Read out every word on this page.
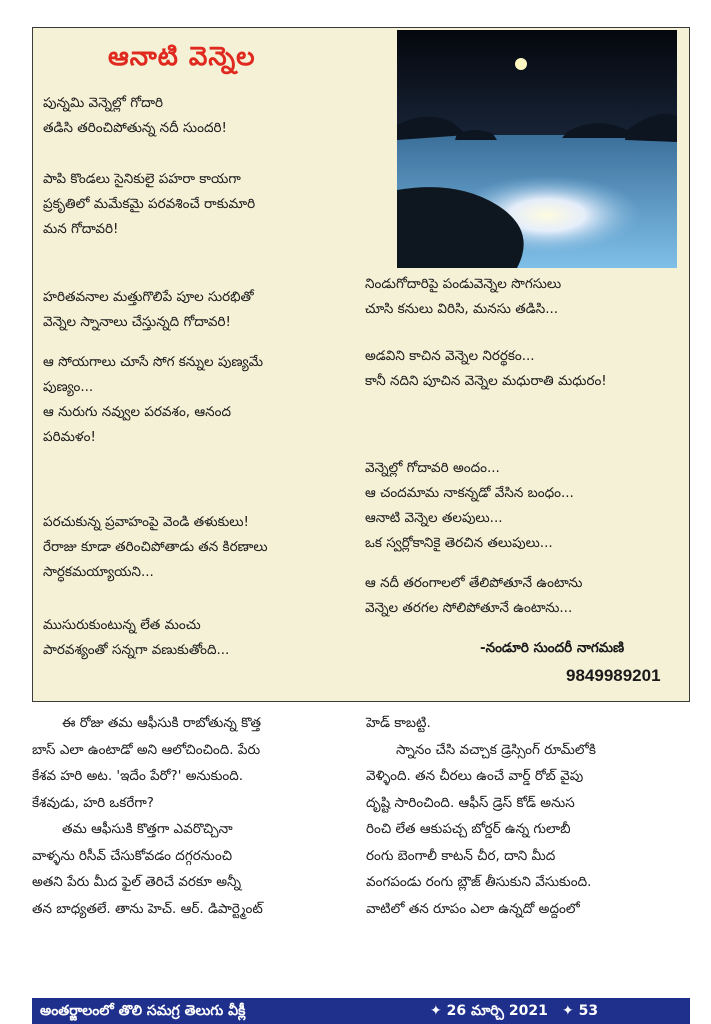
ఆనాటి వెన్నెల
పున్నమి వెన్నెల్లో గోదారి
తడిసి తరించిపోతున్న నదీ సుందరి!
పాపి కొండలు సైనికులై పహరా కాయగా
ప్రకృతిలో మమేకమై పరవశించే రాకుమారి
మన గోదావరి!
హరితవనాల మత్తుగొలిపే పూల సురభితో
వెన్నెల స్నానాలు చేస్తున్నది గోదావరి!
ఆ సోయగాలు చూసే సోగ కన్నుల పుణ్యమే
పుణ్యం...
ఆ నురుగు నవ్వుల పరవశం, ఆనంద
పరిమళం!
పరచుకున్న ప్రవాహంపై వెండి తళుకులు!
రేరాజు కూడా తరించిపోతాడు తన కిరణాలు
సార్ధకమయ్యాయని...
ముసురుకుంటున్న లేత మంచు
పారవశ్యంతో సన్నగా వణుకుతోంది...
నిండుగోదారిపై పండువెన్నెల సొగసులు
చూసి కనులు విరిసి, మనసు తడిసి...
అడవిని కాచిన వెన్నెల నిరర్థకం...
కానీ నదిని పూచిన వెన్నెల మధురాతి మధురం!
వెన్నెల్లో గోదావరి అందం...
ఆ చందమామ నాకన్నడో వేసిన బంధం...
ఆనాటి వెన్నెల తలపులు...
ఒక స్వర్లోకానికై తెరచిన తలుపులు...
ఆ నదీ తరంగాలలో తేలిపోతూనే ఉంటాను
వెన్నెల తరగల సోలిపోతూనే ఉంటాను...
-నండూరి సుందరీ నాగమణి
9849989201

ఈ రోజు తమ ఆఫీసుకి రాబోతున్న కొత్త
బాస్ ఎలా ఉంటాడో అని ఆలోచించింది. పేరు
కేశవ హరి అట. 'ఇదేం పేరో?' అనుకుంది.
కేశవుడు, హరి ఒకరేగా?

తమ ఆఫీసుకి కొత్తగా ఎవరొచ్చినా
వాళ్ళను రిసీవ్ చేసుకోవడం దగ్గరనుంచి
అతని పేరు మీద ఫైల్ తెరిచే వరకూ అన్నీ
తన బాధ్యతలే. తాను హెచ్. ఆర్. డిపార్ట్మెంట్

హెడ్ కాబట్టి.

స్నానం చేసి వచ్చాక డ్రెస్సింగ్ రూమ్‌లోకి
వెళ్ళింది. తన చీరలు ఉంచే వార్డ్ రోబ్ వైపు
దృష్టి సారించింది. ఆఫీస్ డ్రెస్ కోడ్ అనుస
రించి లేత ఆకుపచ్చ బోర్డర్ ఉన్న గులాబీ
రంగు బెంగాలీ కాటన్ చీర, దాని మీద
వంగపండు రంగు బ్లౌజ్ తీసుకుని వేసుకుంది.
వాటిలో తన రూపం ఎలా ఉన్నదో అద్దంలో

అంతర్జాలంలో తొలి సమగ్ర తెలుగు వీక్లీ	✦ 26 మార్చి 2021 ✦ 53
